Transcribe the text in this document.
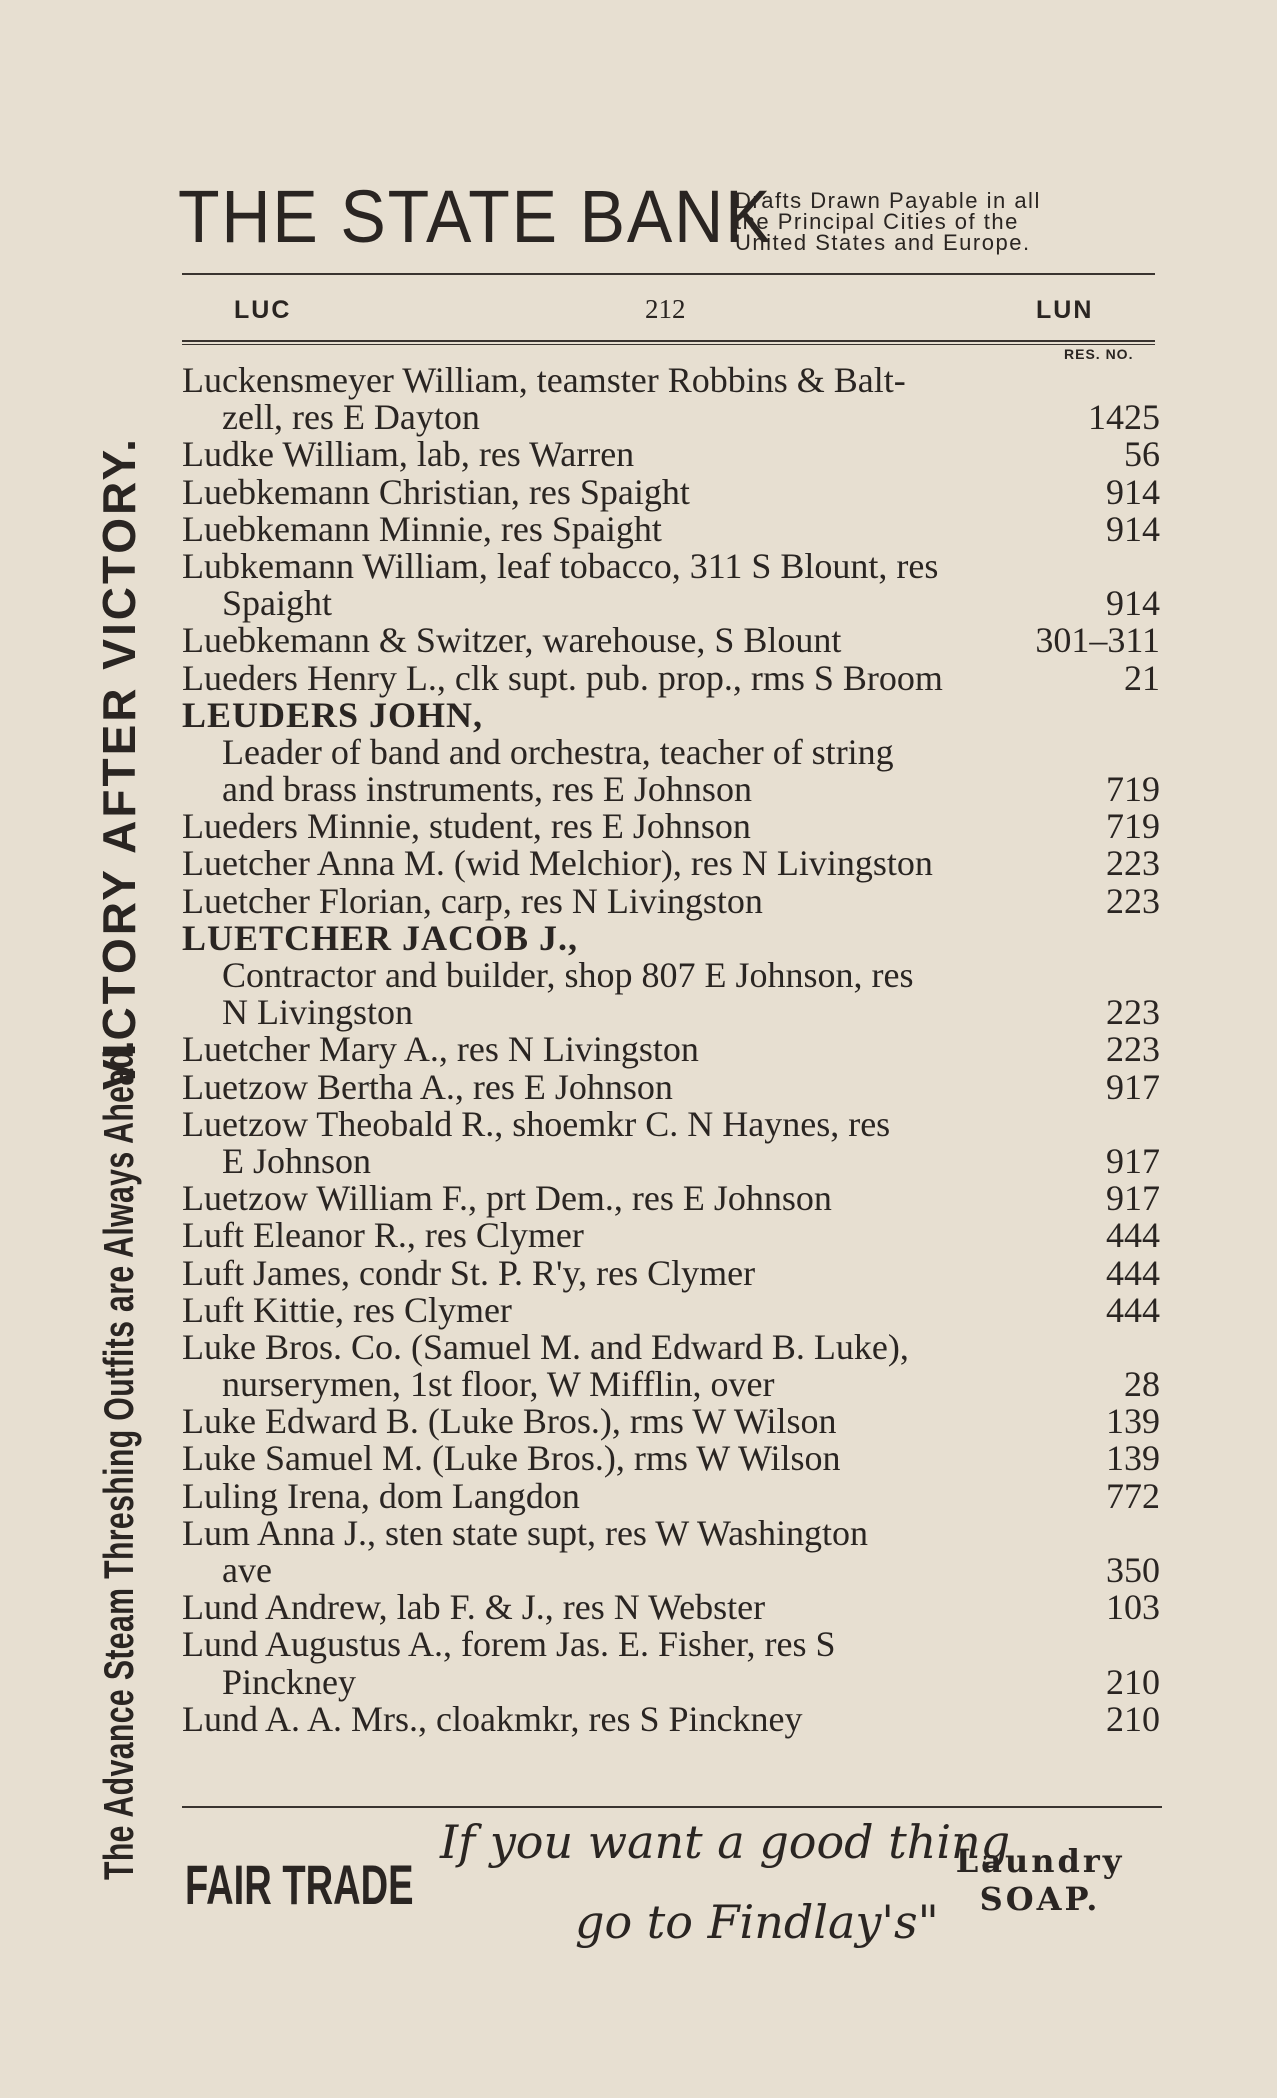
The Advance Steam Threshing Outfits are Always Ahead.
VICTORY AFTER VICTORY.
THE STATE BANK
Drafts Drawn Payable in all
the Principal Cities of the
United States and Europe.
LUC	212	LUN
RES. NO.
Luckensmeyer William, teamster Robbins & Balt-
zell, res E Dayton	1425
Ludke William, lab, res Warren	56
Luebkemann Christian, res Spaight	914
Luebkemann Minnie, res Spaight	914
Lubkemann William, leaf tobacco, 311 S Blount, res
Spaight	914
Luebkemann & Switzer, warehouse, S Blount	301–311
Lueders Henry L., clk supt. pub. prop., rms S Broom	21
LEUDERS JOHN,
Leader of band and orchestra, teacher of string
and brass instruments, res E Johnson	719
Lueders Minnie, student, res E Johnson	719
Luetcher Anna M. (wid Melchior), res N Livingston	223
Luetcher Florian, carp, res N Livingston	223
LUETCHER JACOB J.,
Contractor and builder, shop 807 E Johnson, res
N Livingston	223
Luetcher Mary A., res N Livingston	223
Luetzow Bertha A., res E Johnson	917
Luetzow Theobald R., shoemkr C. N Haynes, res
E Johnson	917
Luetzow William F., prt Dem., res E Johnson	917
Luft Eleanor R., res Clymer	444
Luft James, condr St. P. R'y, res Clymer	444
Luft Kittie, res Clymer	444
Luke Bros. Co. (Samuel M. and Edward B. Luke),
nurserymen, 1st floor, W Mifflin, over	28
Luke Edward B. (Luke Bros.), rms W Wilson	139
Luke Samuel M. (Luke Bros.), rms W Wilson	139
Luling Irena, dom Langdon	772
Lum Anna J., sten state supt, res W Washington
ave	350
Lund Andrew, lab F. & J., res N Webster	103
Lund Augustus A., forem Jas. E. Fisher, res S
Pinckney	210
Lund A. A. Mrs., cloakmkr, res S Pinckney	210
FAIR TRADE
If you want a good thing
go to Findlay's"
Laundry
SOAP.
